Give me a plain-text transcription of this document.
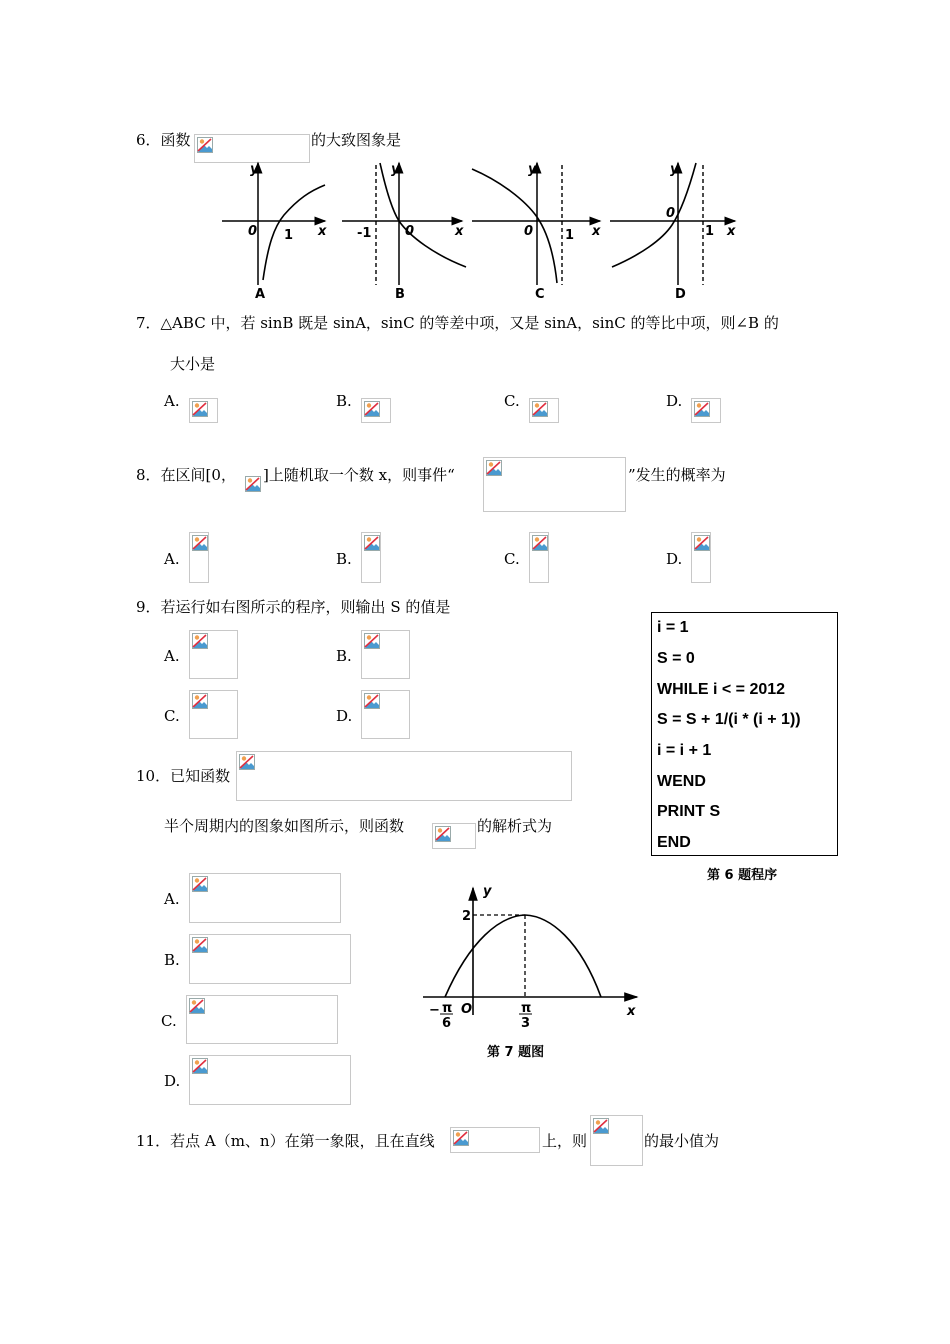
6．函数	的大致图象是
y
x
0 1
A
y
x
0
-1
B
y
x
0 1
C
y
x
0
1
D
7．△ABC 中，若 sinB 既是 sinA，sinC 的等差中项，又是 sinA，sinC 的等比中项，则∠B 的
大小是
A.	B.	C.	D.
8．在区间[0， ]上随机取一个数 x，则事件“	”发生的概率为
A.	B.	C.	D.
9．若运行如右图所示的程序，则输出 S 的值是
A.	B.
C.	D.
i = 1
S = 0
WHILE i < = 2012
S = S + 1/(i * (i + 1))
i = i + 1
WEND
PRINT S
END
第 6 题程序
10．已知函数
半个周期内的图象如图所示，则函数	的解析式为
A.
B.
C.
D.
y
x
2
O
− π
6
π
3
第 7 题图
11．若点 A（m、n）在第一象限，且在直线	上，则	的最小值为
